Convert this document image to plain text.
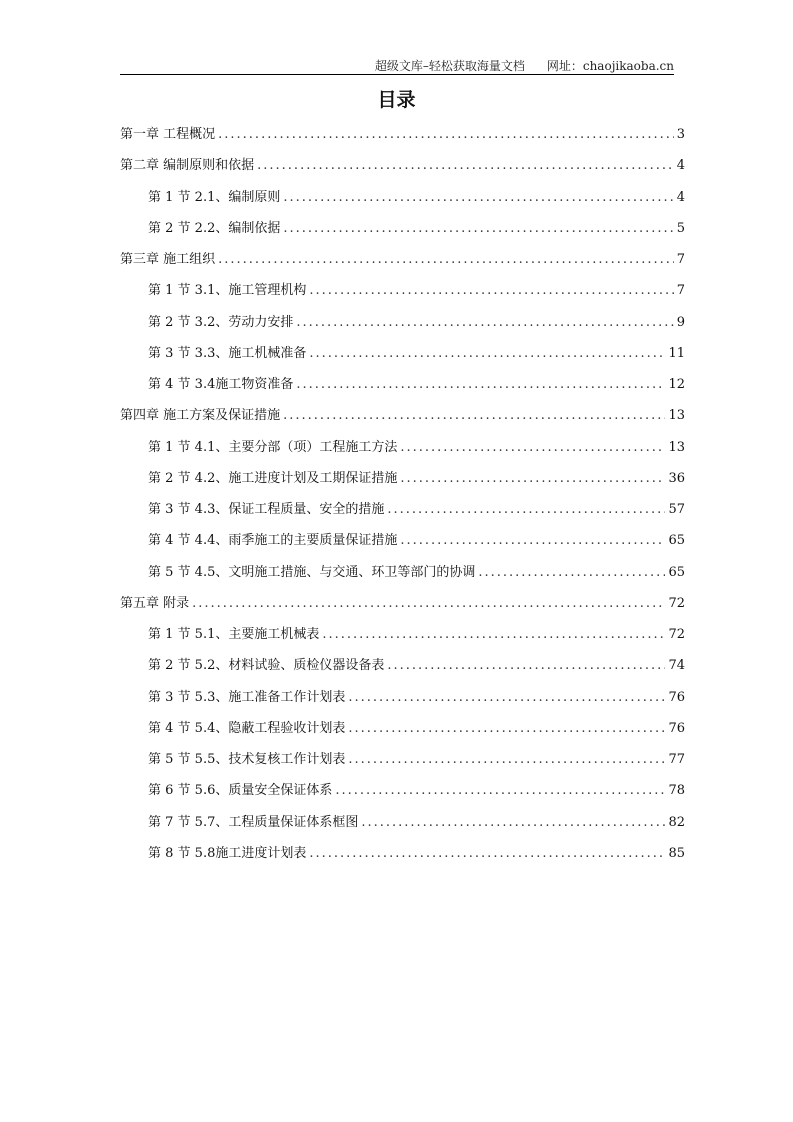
超级文库–轻松获取海量文档 网址：chaojikaoba.cn
目录
第一章 工程概况 .....	3
第二章 编制原则和依据 .....	4
第 1 节 2.1、编制原则 .....	4
第 2 节 2.2、编制依据 .....	5
第三章 施工组织 .....	7
第 1 节 3.1、施工管理机构 .....	7
第 2 节 3.2、劳动力安排 .....	9
第 3 节 3.3、施工机械准备 .....	11
第 4 节 3.4施工物资准备 .....	12
第四章 施工方案及保证措施 .....	13
第 1 节 4.1、主要分部（项）工程施工方法 .....	13
第 2 节 4.2、施工进度计划及工期保证措施 .....	36
第 3 节 4.3、保证工程质量、安全的措施 .....	57
第 4 节 4.4、雨季施工的主要质量保证措施 .....	65
第 5 节 4.5、文明施工措施、与交通、环卫等部门的协调 .....	65
第五章 附录 .....	72
第 1 节 5.1、主要施工机械表 .....	72
第 2 节 5.2、材料试验、质检仪器设备表 .....	74
第 3 节 5.3、施工准备工作计划表 .....	76
第 4 节 5.4、隐蔽工程验收计划表 .....	76
第 5 节 5.5、技术复核工作计划表 .....	77
第 6 节 5.6、质量安全保证体系 .....	78
第 7 节 5.7、工程质量保证体系框图 .....	82
第 8 节 5.8施工进度计划表 .....	85
